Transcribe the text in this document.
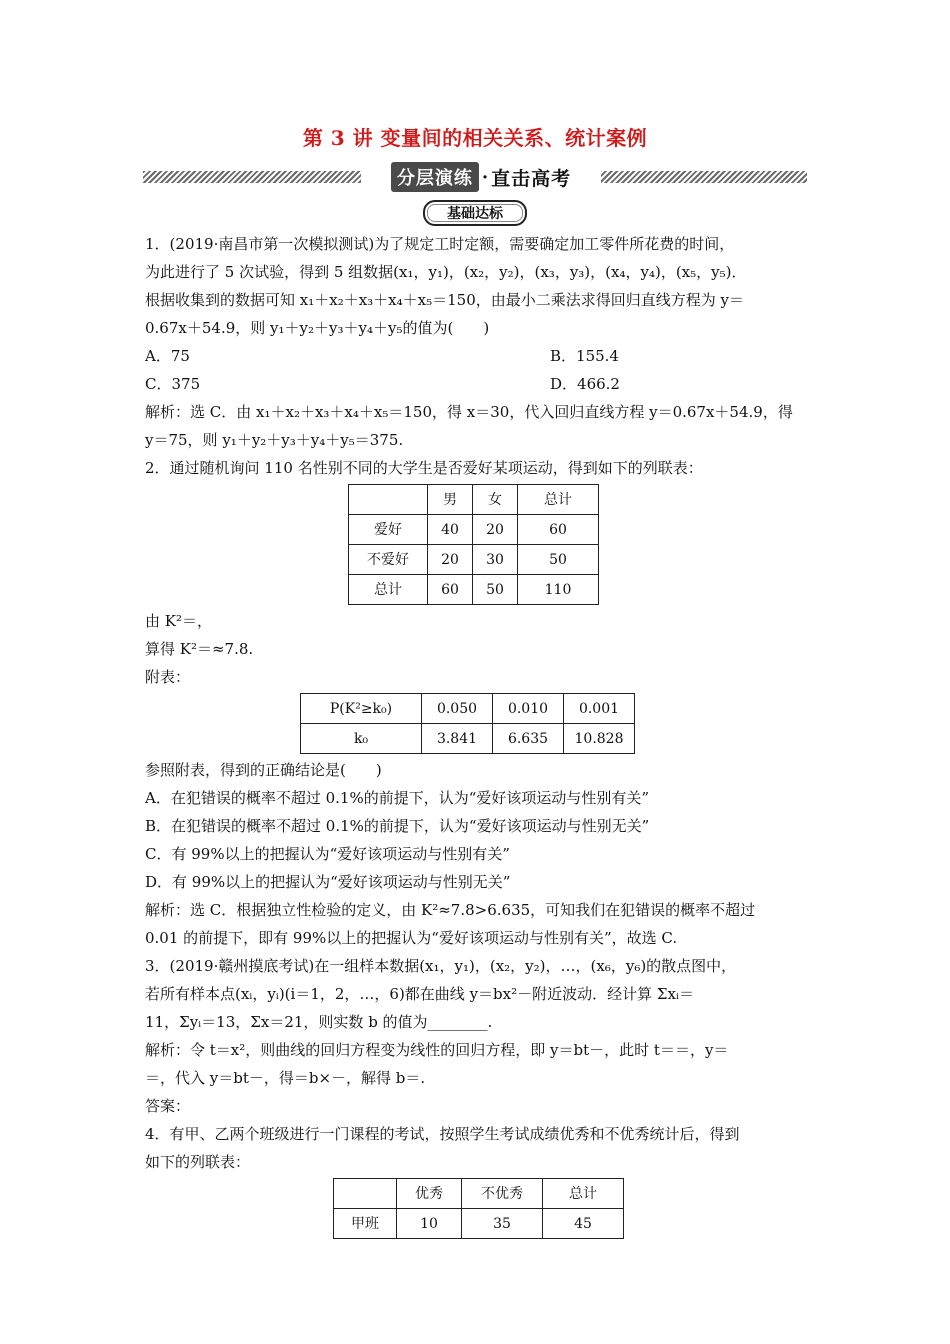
第 3 讲 变量间的相关关系、统计案例
分层演练 · 直击高考
基础达标

1．(2019·南昌市第一次模拟测试)为了规定工时定额，需要确定加工零件所花费的时间，

为此进行了 5 次试验，得到 5 组数据(x₁，y₁)，(x₂，y₂)，(x₃，y₃)，(x₄，y₄)，(x₅，y₅)．

根据收集到的数据可知 x₁＋x₂＋x₃＋x₄＋x₅＝150，由最小二乘法求得回归直线方程为 y＝

0.67x＋54.9，则 y₁＋y₂＋y₃＋y₄＋y₅的值为(　　)

A．75	B．155.4
C．375	D．466.2

解析：选 C．由 x₁＋x₂＋x₃＋x₄＋x₅＝150，得 x＝30，代入回归直线方程 y＝0.67x＋54.9，得

y＝75，则 y₁＋y₂＋y₃＋y₄＋y₅＝375.

2．通过随机询问 110 名性别不同的大学生是否爱好某项运动，得到如下的列联表：

	男	女	总计
爱好	40	20	60
不爱好	20	30	50
总计	60	50	110

由 K²＝，

算得 K²＝≈7.8.

附表：

P(K²≥k₀)	0.050	0.010	0.001
k₀	3.841	6.635	10.828

参照附表，得到的正确结论是(　　)

A．在犯错误的概率不超过 0.1%的前提下，认为“爱好该项运动与性别有关”

B．在犯错误的概率不超过 0.1%的前提下，认为“爱好该项运动与性别无关”

C．有 99%以上的把握认为“爱好该项运动与性别有关”

D．有 99%以上的把握认为“爱好该项运动与性别无关”

解析：选 C．根据独立性检验的定义，由 K²≈7.8>6.635，可知我们在犯错误的概率不超过

0.01 的前提下，即有 99%以上的把握认为“爱好该项运动与性别有关”，故选 C.

3．(2019·赣州摸底考试)在一组样本数据(x₁，y₁)，(x₂，y₂)，…，(x₆，y₆)的散点图中，

若所有样本点(xᵢ，yᵢ)(i＝1，2，…，6)都在曲线 y＝bx²－附近波动．经计算 Σxᵢ＝

11，Σyᵢ＝13，Σx＝21，则实数 b 的值为________.

解析：令 t＝x²，则曲线的回归方程变为线性的回归方程，即 y＝bt－，此时 t＝＝，y＝

＝，代入 y＝bt－，得＝b×－，解得 b＝.

答案：

4．有甲、乙两个班级进行一门课程的考试，按照学生考试成绩优秀和不优秀统计后，得到

如下的列联表：

	优秀	不优秀	总计
甲班	10	35	45
